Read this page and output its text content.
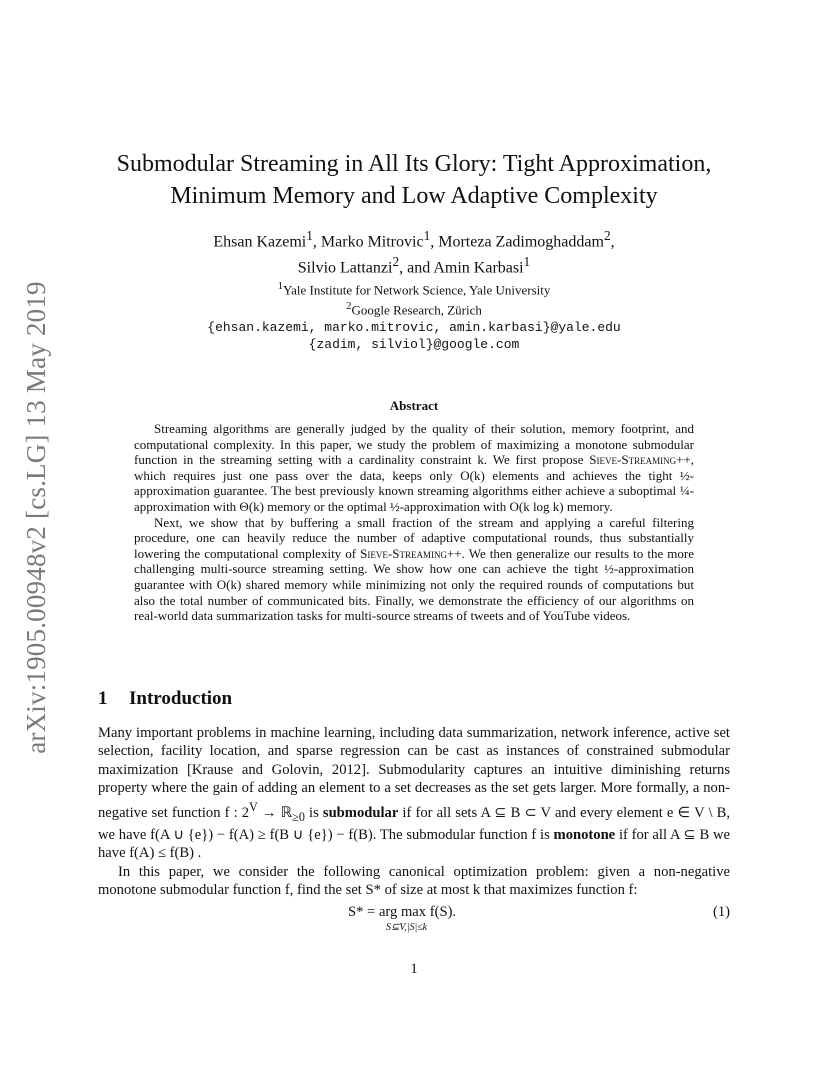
arXiv:1905.00948v2 [cs.LG] 13 May 2019
Submodular Streaming in All Its Glory: Tight Approximation,
Minimum Memory and Low Adaptive Complexity
Ehsan Kazemi$^1$, Marko Mitrovic$^1$, Morteza Zadimoghaddam$^2$,
Silvio Lattanzi$^2$, and Amin Karbasi$^1$
$^1$Yale Institute for Network Science, Yale University
$^2$Google Research, Zürich
{ehsan.kazemi, marko.mitrovic, amin.karbasi}@yale.edu
{zadim, silviol}@google.com
Abstract

Streaming algorithms are generally judged by the quality of their solution, memory footprint, and computational complexity. In this paper, we study the problem of maximizing a monotone submodular function in the streaming setting with a cardinality constraint k. We first propose Sieve-Streaming++, which requires just one pass over the data, keeps only O(k) elements and achieves the tight ½-approximation guarantee. The best previously known streaming algorithms either achieve a suboptimal ¼-approximation with Θ(k) memory or the optimal ½-approximation with O(k log k) memory.

Next, we show that by buffering a small fraction of the stream and applying a careful filtering procedure, one can heavily reduce the number of adaptive computational rounds, thus substantially lowering the computational complexity of Sieve-Streaming++. We then generalize our results to the more challenging multi-source streaming setting. We show how one can achieve the tight ½-approximation guarantee with O(k) shared memory while minimizing not only the required rounds of computations but also the total number of communicated bits. Finally, we demonstrate the efficiency of our algorithms on real-world data summarization tasks for multi-source streams of tweets and of YouTube videos.

1 Introduction

Many important problems in machine learning, including data summarization, network inference, active set selection, facility location, and sparse regression can be cast as instances of constrained submodular maximization [Krause and Golovin, 2012]. Submodularity captures an intuitive diminishing returns property where the gain of adding an element to a set decreases as the set gets larger. More formally, a non-negative set function f : $2^V$ → ℝ$_{\ge 0}$ is submodular if for all sets A ⊆ B ⊂ V and every element e ∈ V \ B, we have f(A ∪ {e}) − f(A) ≥ f(B ∪ {e}) − f(B). The submodular function f is monotone if for all A ⊆ B we have f(A) ≤ f(B) .

In this paper, we consider the following canonical optimization problem: given a non-negative monotone submodular function f, find the set S* of size at most k that maximizes function f:

S* = arg max f(S).
S⊆V,|S|≤k
(1)
1
